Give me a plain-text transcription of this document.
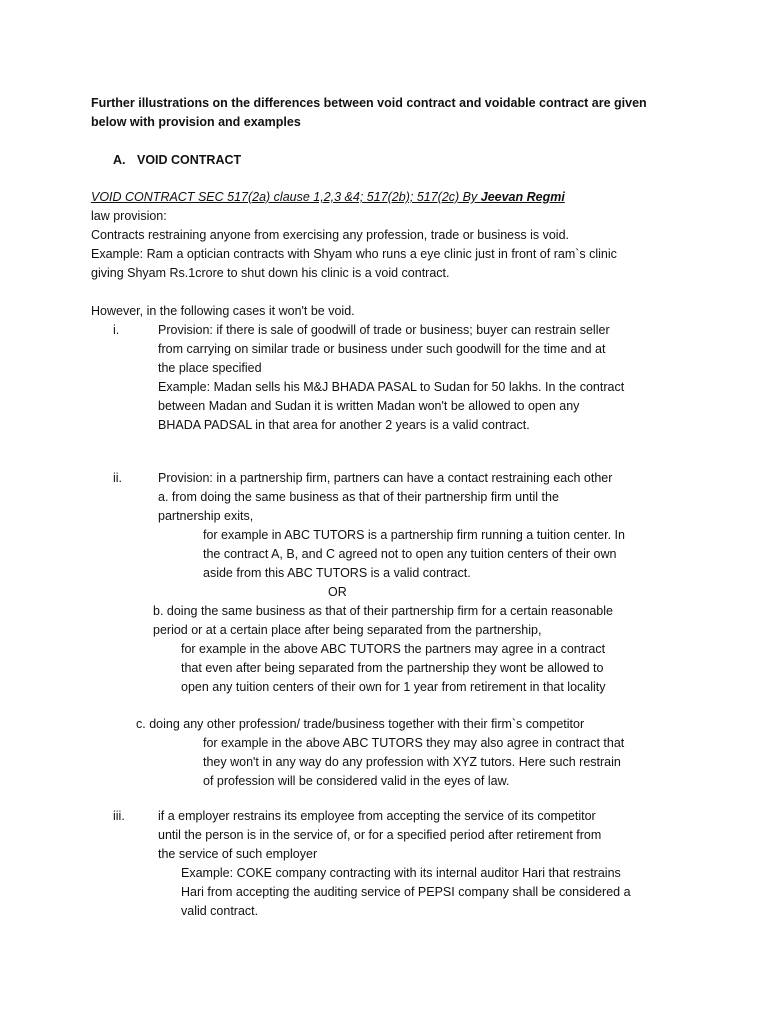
Further illustrations on the differences between void contract and voidable contract are given
below with provision and examples
A. VOID CONTRACT
VOID CONTRACT SEC 517(2a) clause 1,2,3 &4; 517(2b); 517(2c) By Jeevan Regmi
law provision:
Contracts restraining anyone from exercising any profession, trade or business is void.
Example: Ram a optician contracts with Shyam who runs a eye clinic just in front of ram`s clinic
giving Shyam Rs.1crore to shut down his clinic is a void contract.
However, in the following cases it won't be void.
i.	Provision: if there is sale of goodwill of trade or business; buyer can restrain seller
from carrying on similar trade or business under such goodwill for the time and at
the place specified
Example: Madan sells his M&J BHADA PASAL to Sudan for 50 lakhs. In the contract
between Madan and Sudan it is written Madan won't be allowed to open any
BHADA PADSAL in that area for another 2 years is a valid contract.
ii.	Provision: in a partnership firm, partners can have a contact restraining each other
a. from doing the same business as that of their partnership firm until the
partnership exits,
for example in ABC TUTORS is a partnership firm running a tuition center. In
the contract A, B, and C agreed not to open any tuition centers of their own
aside from this ABC TUTORS is a valid contract.
OR
b. doing the same business as that of their partnership firm for a certain reasonable
period or at a certain place after being separated from the partnership,
for example in the above ABC TUTORS the partners may agree in a contract
that even after being separated from the partnership they wont be allowed to
open any tuition centers of their own for 1 year from retirement in that locality
c. doing any other profession/ trade/business together with their firm`s competitor
for example in the above ABC TUTORS they may also agree in contract that
they won't in any way do any profession with XYZ tutors. Here such restrain
of profession will be considered valid in the eyes of law.
iii.	if a employer restrains its employee from accepting the service of its competitor
until the person is in the service of, or for a specified period after retirement from
the service of such employer
Example: COKE company contracting with its internal auditor Hari that restrains
Hari from accepting the auditing service of PEPSI company shall be considered a
valid contract.
